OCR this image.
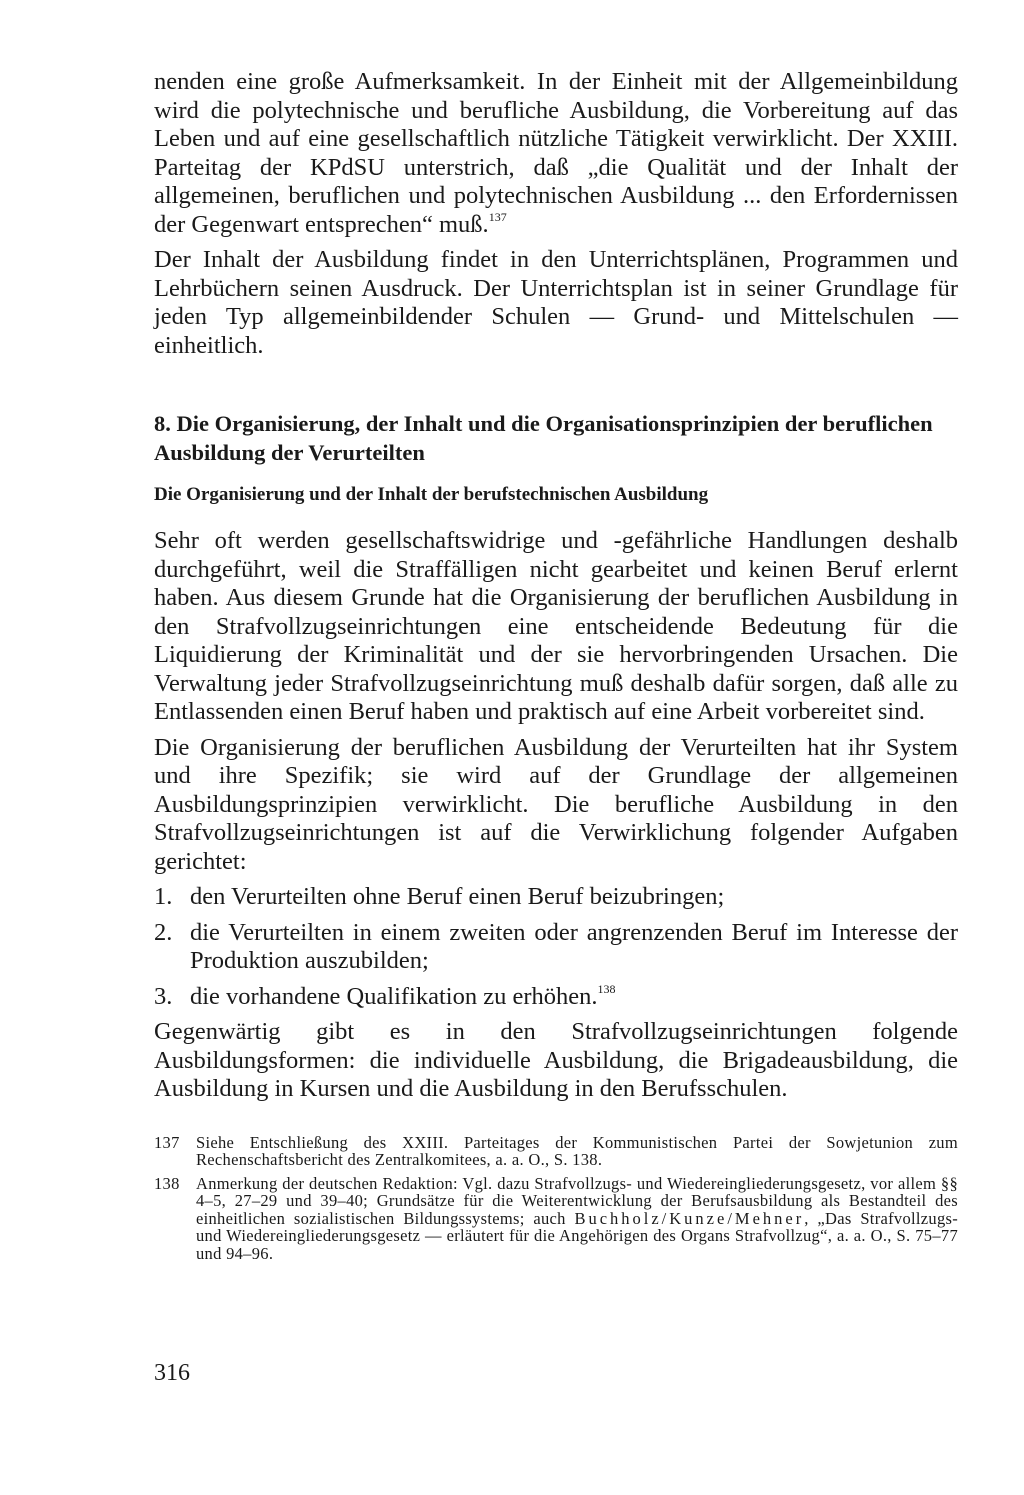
nenden eine große Aufmerksamkeit. In der Einheit mit der Allgemeinbildung wird die polytechnische und berufliche Ausbildung, die Vorbereitung auf das Leben und auf eine gesellschaftlich nützliche Tätigkeit verwirklicht. Der XXIII. Parteitag der KPdSU unterstrich, daß „die Qualität und der Inhalt der allgemeinen, beruflichen und polytechnischen Ausbildung ... den Erfordernissen der Gegenwart entsprechen“ muß.$^{137}$

Der Inhalt der Ausbildung findet in den Unterrichtsplänen, Programmen und Lehrbüchern seinen Ausdruck. Der Unterrichtsplan ist in seiner Grundlage für jeden Typ allgemeinbildender Schulen — Grund- und Mittelschulen — einheitlich.

8. Die Organisierung, der Inhalt und die Organisationsprinzipien der beruflichen Ausbildung der Verurteilten
Die Organisierung und der Inhalt der berufstechnischen Ausbildung

Sehr oft werden gesellschaftswidrige und -gefährliche Handlungen deshalb durchgeführt, weil die Straffälligen nicht gearbeitet und keinen Beruf erlernt haben. Aus diesem Grunde hat die Organisierung der beruflichen Ausbildung in den Strafvollzugseinrichtungen eine entscheidende Bedeutung für die Liquidierung der Kriminalität und der sie hervorbringenden Ursachen. Die Verwaltung jeder Strafvollzugseinrichtung muß deshalb dafür sorgen, daß alle zu Entlassenden einen Beruf haben und praktisch auf eine Arbeit vorbereitet sind.

Die Organisierung der beruflichen Ausbildung der Verurteilten hat ihr System und ihre Spezifik; sie wird auf der Grundlage der allgemeinen Ausbildungsprinzipien verwirklicht. Die berufliche Ausbildung in den Strafvollzugseinrichtungen ist auf die Verwirklichung folgender Aufgaben gerichtet:

1. den Verurteilten ohne Beruf einen Beruf beizubringen;
2. die Verurteilten in einem zweiten oder angrenzenden Beruf im Interesse der Produktion auszubilden;
3. die vorhandene Qualifikation zu erhöhen.$^{138}$

Gegenwärtig gibt es in den Strafvollzugseinrichtungen folgende Ausbildungsformen: die individuelle Ausbildung, die Brigadeausbildung, die Ausbildung in Kursen und die Ausbildung in den Berufsschulen.

137 Siehe Entschließung des XXIII. Parteitages der Kommunistischen Partei der Sowjetunion zum Rechenschaftsbericht des Zentralkomitees, a. a. O., S. 138.
138 Anmerkung der deutschen Redaktion: Vgl. dazu Strafvollzugs- und Wiedereingliederungsgesetz, vor allem §§ 4–5, 27–29 und 39–40; Grundsätze für die Weiterentwicklung der Berufsausbildung als Bestandteil des einheitlichen sozialistischen Bildungssystems; auch Buchholz/Kunze/Mehner, „Das Strafvollzugs- und Wiedereingliederungsgesetz — erläutert für die Angehörigen des Organs Strafvollzug“, a. a. O., S. 75–77 und 94–96.
316
